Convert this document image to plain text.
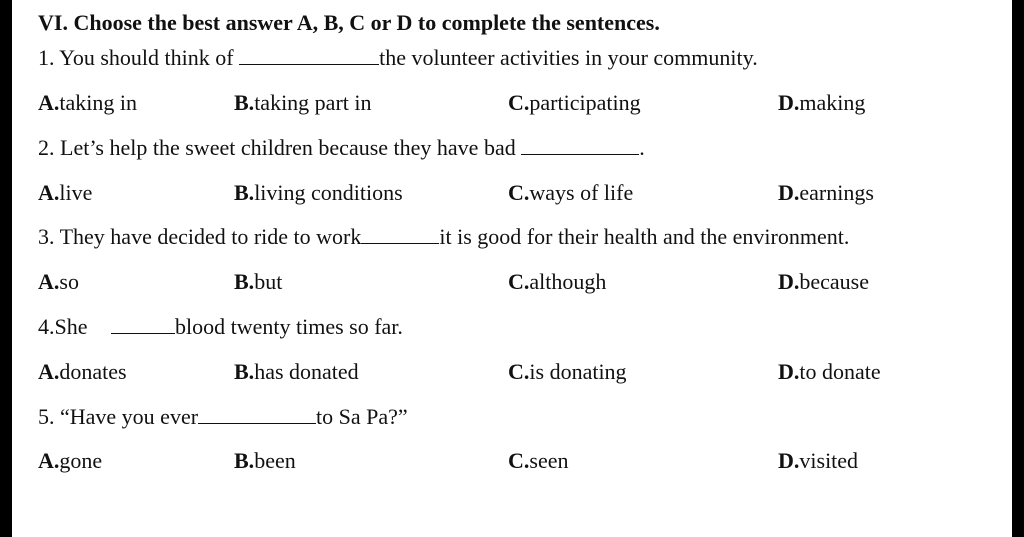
VI. Choose the best answer A, B, C or D to complete the sentences.
1. You should think of	the volunteer activities in your community.
A.taking in	B.taking part in	C.participating	D.making
2. Let’s help the sweet children because they have bad	.
A.live	B.living conditions	C.ways of life	D.earnings
3. They have decided to ride to work	it is good for their health and the environment.
A.so	B.but	C.although	D.because
4.She	blood twenty times so far.
A.donates	B.has donated	C.is donating	D.to donate
5. “Have you ever	to Sa Pa?”
A.gone	B.been	C.seen	D.visited
